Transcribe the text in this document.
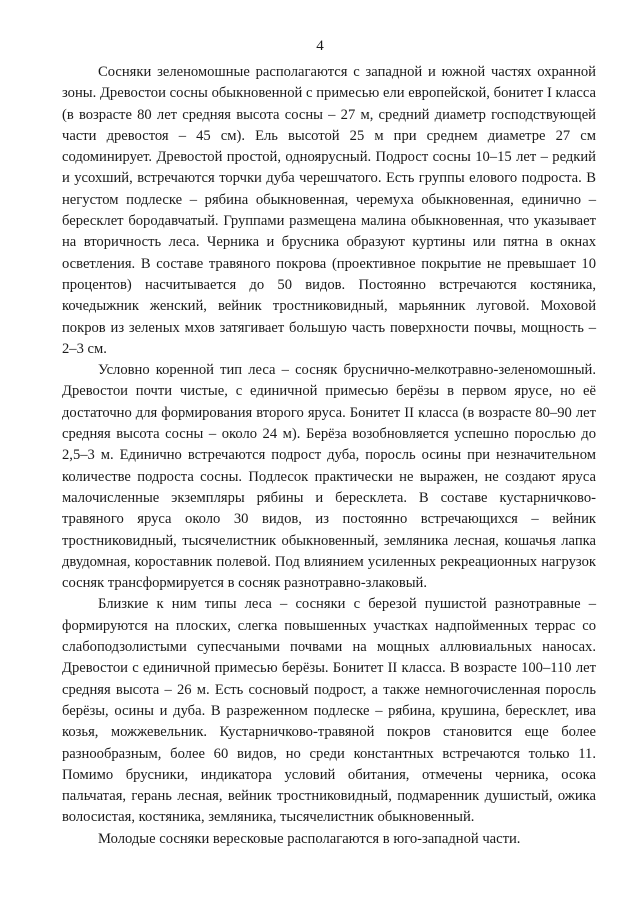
4

Сосняки зеленомошные располагаются с западной и южной частях охранной зоны. Древостои сосны обыкновенной с примесью ели европейской, бонитет I класса (в возрасте 80 лет средняя высота сосны – 27 м, средний диаметр господствующей части древостоя – 45 см). Ель высотой 25 м при среднем диаметре 27 см содоминирует. Древостой простой, одноярусный. Подрост сосны 10–15 лет – редкий и усохший, встречаются торчки дуба черешчатого. Есть группы елового подроста. В негустом подлеске – рябина обыкновенная, черемуха обыкновенная, единично – бересклет бородавчатый. Группами размещена малина обыкновенная, что указывает на вторичность леса. Черника и брусника образуют куртины или пятна в окнах осветления. В составе травяного покрова (проективное покрытие не превышает 10 процентов) насчитывается до 50 видов. Постоянно встречаются костяника, кочедыжник женский, вейник тростниковидный, марьянник луговой. Моховой покров из зеленых мхов затягивает большую часть поверхности почвы, мощность – 2–3 см.

Условно коренной тип леса – сосняк бруснично-мелкотравно-зеленомошный. Древостои почти чистые, с единичной примесью берёзы в первом ярусе, но её достаточно для формирования второго яруса. Бонитет II класса (в возрасте 80–90 лет средняя высота сосны – около 24 м). Берёза возобновляется успешно порослью до 2,5–3 м. Единично встречаются подрост дуба, поросль осины при незначительном количестве подроста сосны. Подлесок практически не выражен, не создают яруса малочисленные экземпляры рябины и бересклета. В составе кустарничково-травяного яруса около 30 видов, из постоянно встречающихся – вейник тростниковидный, тысячелистник обыкновенный, земляника лесная, кошачья лапка двудомная, короставник полевой. Под влиянием усиленных рекреационных нагрузок сосняк трансформируется в сосняк разнотравно-злаковый.

Близкие к ним типы леса – сосняки с березой пушистой разнотравные – формируются на плоских, слегка повышенных участках надпойменных террас со слабоподзолистыми супесчаными почвами на мощных аллювиальных наносах. Древостои с единичной примесью берёзы. Бонитет II класса. В возрасте 100–110 лет средняя высота – 26 м. Есть сосновый подрост, а также немногочисленная поросль берёзы, осины и дуба. В разреженном подлеске – рябина, крушина, бересклет, ива козья, можжевельник. Кустарничково-травяной покров становится еще более разнообразным, более 60 видов, но среди константных встречаются только 11. Помимо брусники, индикатора условий обитания, отмечены черника, осока пальчатая, герань лесная, вейник тростниковидный, подмаренник душистый, ожика волосистая, костяника, земляника, тысячелистник обыкновенный.

Молодые сосняки вересковые располагаются в юго-западной части.
